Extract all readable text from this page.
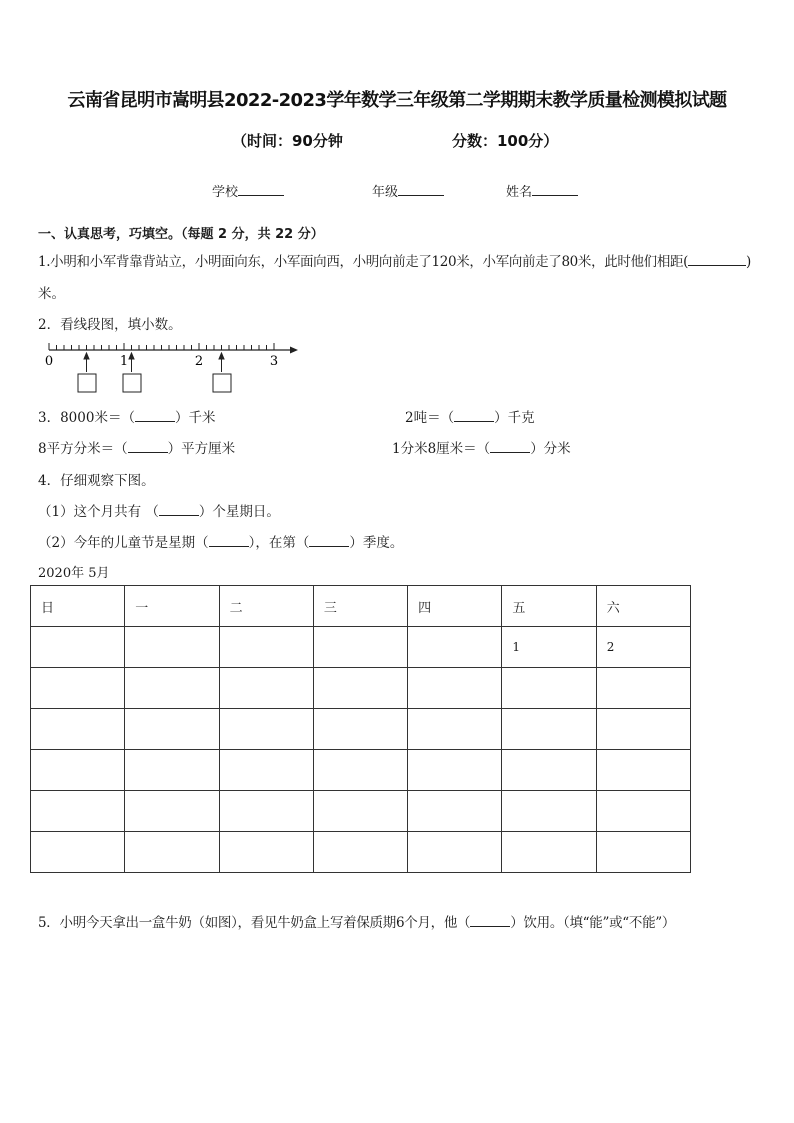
云南省昆明市嵩明县2022-2023学年数学三年级第二学期期末教学质量检测模拟试题
（时间：90分钟	分数：100分）
学校	年级	姓名
一、认真思考，巧填空。（每题 2 分，共 22 分）
1.小明和小军背靠背站立，小明面向东，小军面向西，小明向前走了120米，小军向前走了80米，此时他们相距(	)
米。
2．看线段图，填小数。
0	1	2	3
3．8000米＝（	）千米	2吨＝（	）千克
8平方分米＝（	）平方厘米	1分米8厘米＝（	）分米
4．仔细观察下图。
（1）这个月共有 （	）个星期日。
（2）今年的儿童节是星期（	），在第（	）季度。
2020年 5月
日	一	二	三	四	五	六
					1	2

5．小明今天拿出一盒牛奶（如图），看见牛奶盒上写着保质期6个月，他（	）饮用。（填“能”或“不能”）
